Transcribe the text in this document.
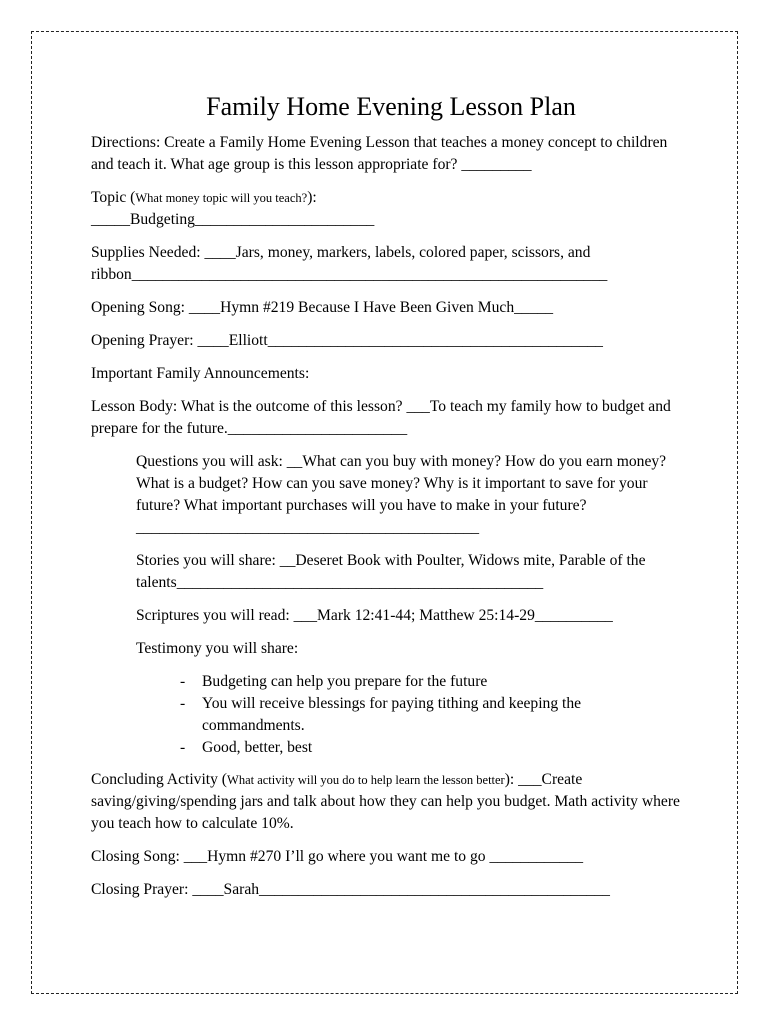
Family Home Evening Lesson Plan

Directions: Create a Family Home Evening Lesson that teaches a money concept to children and teach it. What age group is this lesson appropriate for? _________

Topic (What money topic will you teach?):
_____Budgeting_______________________

Supplies Needed: ____Jars, money, markers, labels, colored paper, scissors, and ribbon_____________________________________________________________

Opening Song: ____Hymn #219 Because I Have Been Given Much_____

Opening Prayer: ____Elliott___________________________________________

Important Family Announcements:

Lesson Body: What is the outcome of this lesson? ___To teach my family how to budget and prepare for the future._______________________

Questions you will ask: __What can you buy with money? How do you earn money? What is a budget? How can you save money? Why is it important to save for your future? What important purchases will you have to make in your future?____________________________________________

Stories you will share: __Deseret Book with Poulter, Widows mite, Parable of the talents_______________________________________________

Scriptures you will read: ___Mark 12:41-44; Matthew 25:14-29__________

Testimony you will share:

- Budgeting can help you prepare for the future
- You will receive blessings for paying tithing and keeping the commandments.
- Good, better, best

Concluding Activity (What activity will you do to help learn the lesson better): ___Create saving/giving/spending jars and talk about how they can help you budget. Math activity where you teach how to calculate 10%.

Closing Song: ___Hymn #270 I’ll go where you want me to go ____________

Closing Prayer: ____Sarah_____________________________________________
